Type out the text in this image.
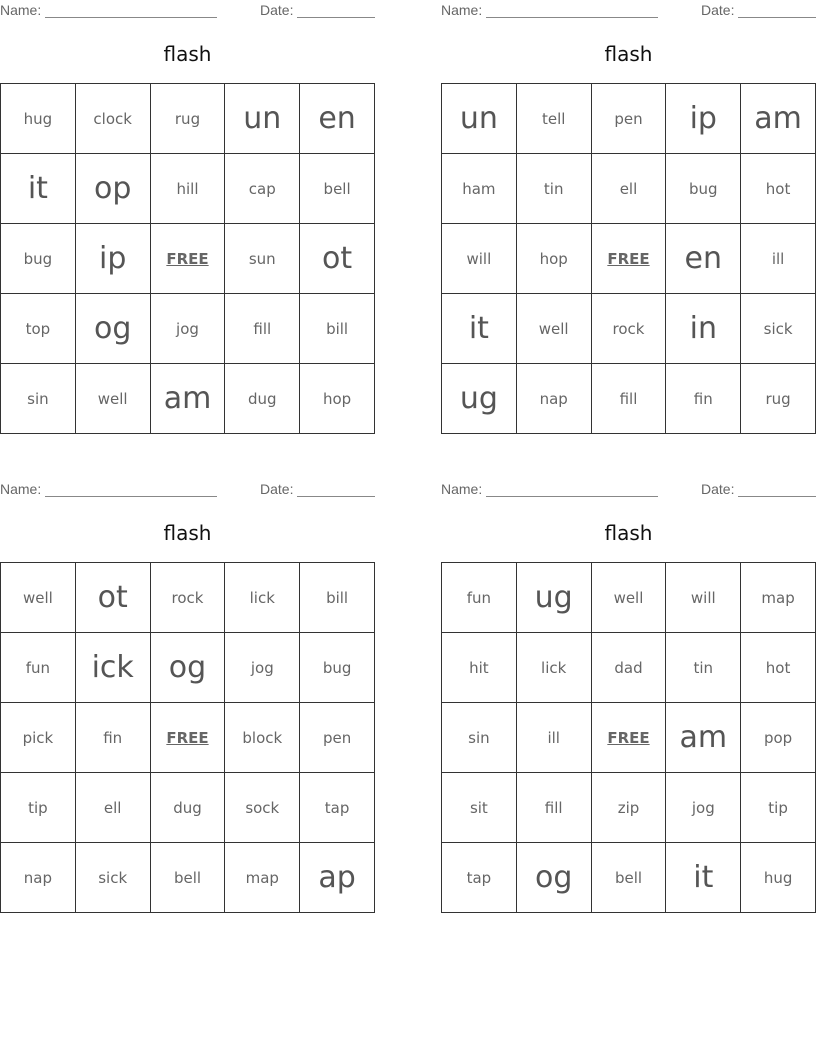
Name:	Date:
flash
hug	clock	rug	un	en
it	op	hill	cap	bell
bug	ip	FREE	sun	ot
top	og	jog	fill	bill
sin	well	am	dug	hop
Name:	Date:
flash
un	tell	pen	ip	am
ham	tin	ell	bug	hot
will	hop	FREE	en	ill
it	well	rock	in	sick
ug	nap	fill	fin	rug
Name:	Date:
flash
well	ot	rock	lick	bill
fun	ick	og	jog	bug
pick	fin	FREE	block	pen
tip	ell	dug	sock	tap
nap	sick	bell	map	ap
Name:	Date:
flash
fun	ug	well	will	map
hit	lick	dad	tin	hot
sin	ill	FREE	am	pop
sit	fill	zip	jog	tip
tap	og	bell	it	hug
